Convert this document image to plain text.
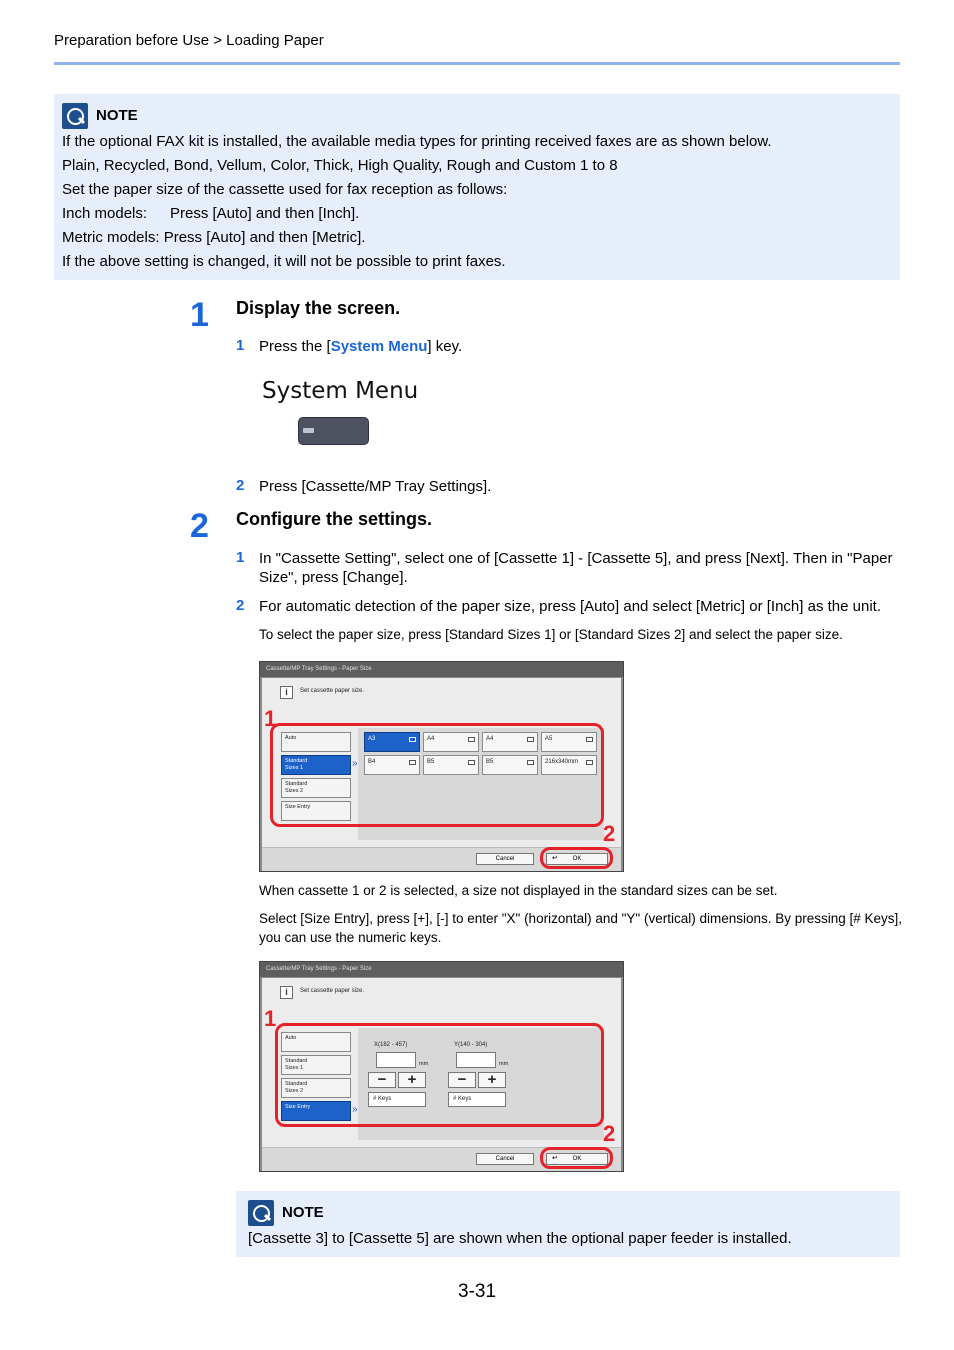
Preparation before Use > Loading Paper
NOTE
If the optional FAX kit is installed, the available media types for printing received faxes are as shown below.
Plain, Recycled, Bond, Vellum, Color, Thick, High Quality, Rough and Custom 1 to 8
Set the paper size of the cassette used for fax reception as follows:
Inch models: Press [Auto] and then [Inch].
Metric models: Press [Auto] and then [Metric].
If the above setting is changed, it will not be possible to print faxes.
1 Display the screen.
1 Press the [System Menu] key.
System Menu
2 Press [Cassette/MP Tray Settings].
2 Configure the settings.
1 In "Cassette Setting", select one of [Cassette 1] - [Cassette 5], and press [Next]. Then in "Paper Size", press [Change].
2 For automatic detection of the paper size, press [Auto] and select [Metric] or [Inch] as the unit.
To select the paper size, press [Standard Sizes 1] or [Standard Sizes 2] and select the paper size.
Cassette/MP Tray Settings - Paper Size
i	Set cassette paper size.
A3	A4	A4	A5
B4	B5	B5	216x340mm
Auto
Standard
Sizes 1	»
Standard
Sizes 2
Size Entry
Cancel	↵ OK
1
2
When cassette 1 or 2 is selected, a size not displayed in the standard sizes can be set.
Select [Size Entry], press [+], [-] to enter "X" (horizontal) and "Y" (vertical) dimensions. By pressing [# Keys], you can use the numeric keys.
Cassette/MP Tray Settings - Paper Size
i	Set cassette paper size.
X(182 - 457)	Y(140 - 304)
mm	mm
−	+	−	+
# Keys	# Keys
Auto
Standard
Sizes 1
Standard
Sizes 2
Size Entry	»
Cancel	↵ OK
1
2
NOTE
[Cassette 3] to [Cassette 5] are shown when the optional paper feeder is installed.
3-31
